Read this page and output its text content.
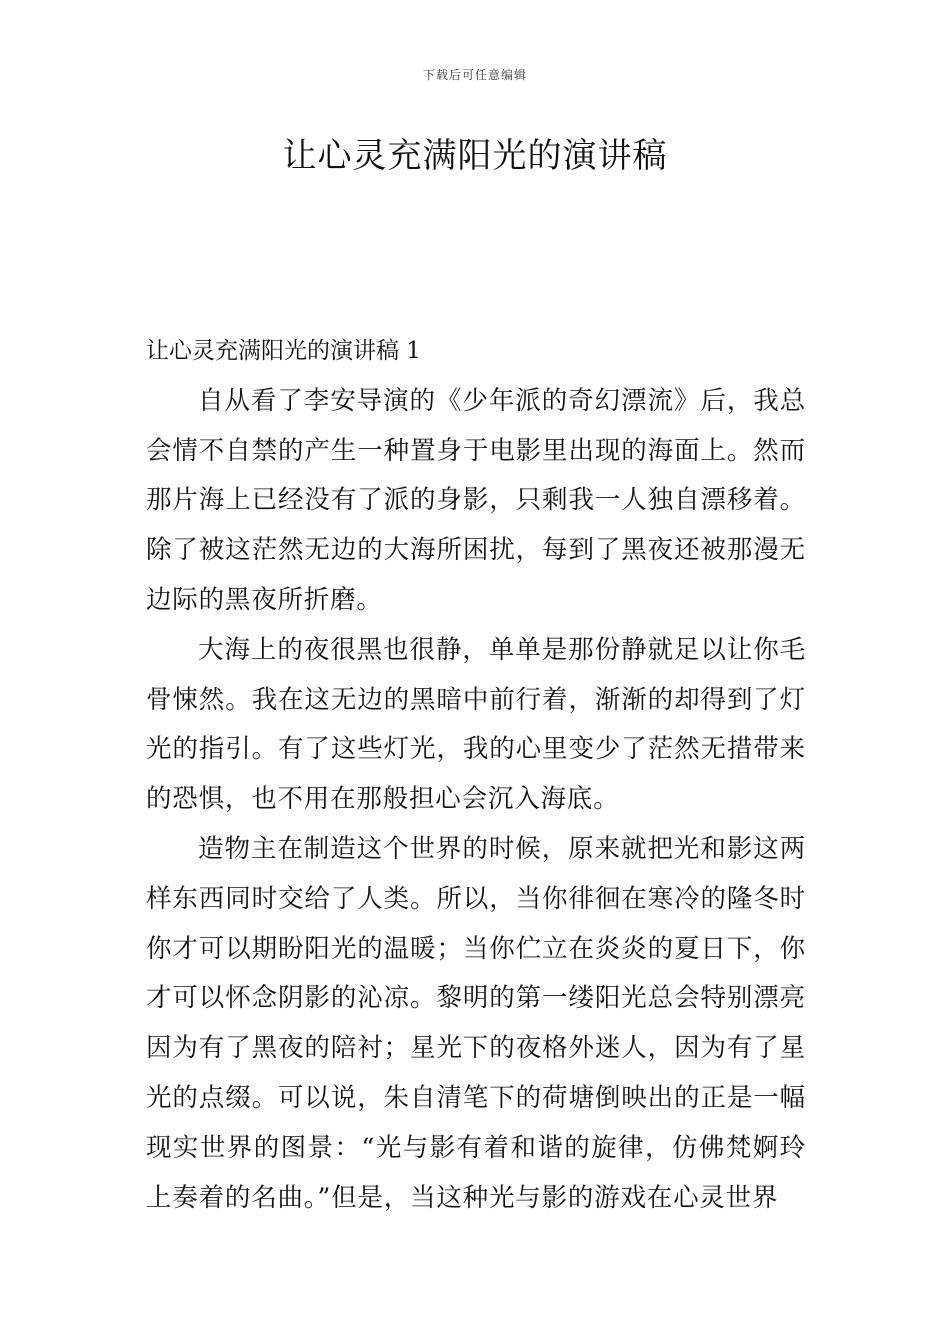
下载后可任意编辑
让心灵充满阳光的演讲稿
让心灵充满阳光的演讲稿 1

自从看了李安导演的《少年派的奇幻漂流》后，我总会情不自禁的产生一种置身于电影里出现的海面上。然而那片海上已经没有了派的身影，只剩我一人独自漂移着。除了被这茫然无边的大海所困扰，每到了黑夜还被那漫无边际的黑夜所折磨。

大海上的夜很黑也很静，单单是那份静就足以让你毛骨悚然。我在这无边的黑暗中前行着，渐渐的却得到了灯光的指引。有了这些灯光，我的心里变少了茫然无措带来的恐惧，也不用在那般担心会沉入海底。

造物主在制造这个世界的时候，原来就把光和影这两样东西同时交给了人类。所以，当你徘徊在寒冷的隆冬时你才可以期盼阳光的温暖；当你伫立在炎炎的夏日下，你才可以怀念阴影的沁凉。黎明的第一缕阳光总会特别漂亮因为有了黑夜的陪衬；星光下的夜格外迷人，因为有了星光的点缀。可以说，朱自清笔下的荷塘倒映出的正是一幅现实世界的图景：“光与影有着和谐的旋律，仿佛梵婀玲上奏着的名曲。”但是，当这种光与影的游戏在心灵世界
